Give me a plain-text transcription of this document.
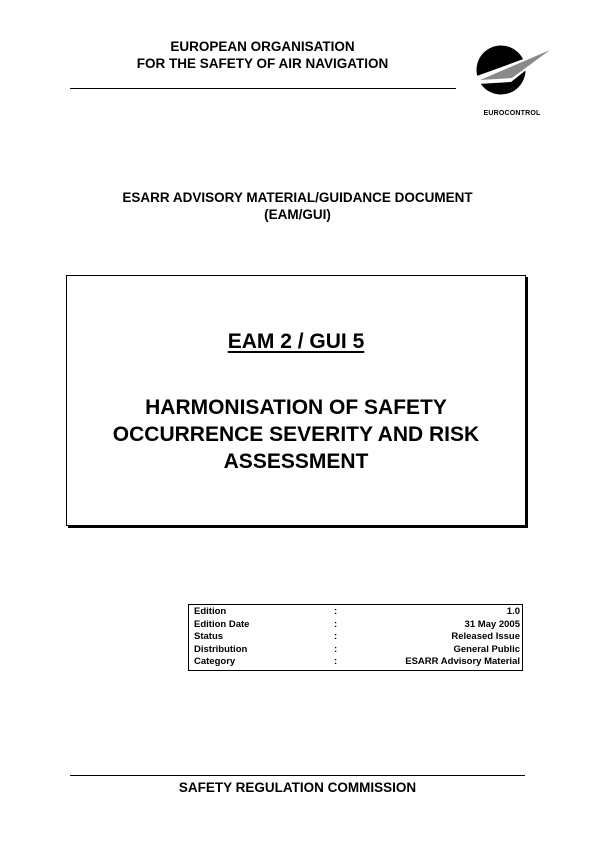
EUROPEAN ORGANISATION
FOR THE SAFETY OF AIR NAVIGATION
EUROCONTROL
ESARR ADVISORY MATERIAL/GUIDANCE DOCUMENT
(EAM/GUI)
EAM 2 / GUI 5
HARMONISATION OF SAFETY
OCCURRENCE SEVERITY AND RISK
ASSESSMENT
Edition	:	1.0
Edition Date	:	31 May 2005
Status	:	Released Issue
Distribution	:	General Public
Category	:	ESARR Advisory Material
SAFETY REGULATION COMMISSION
